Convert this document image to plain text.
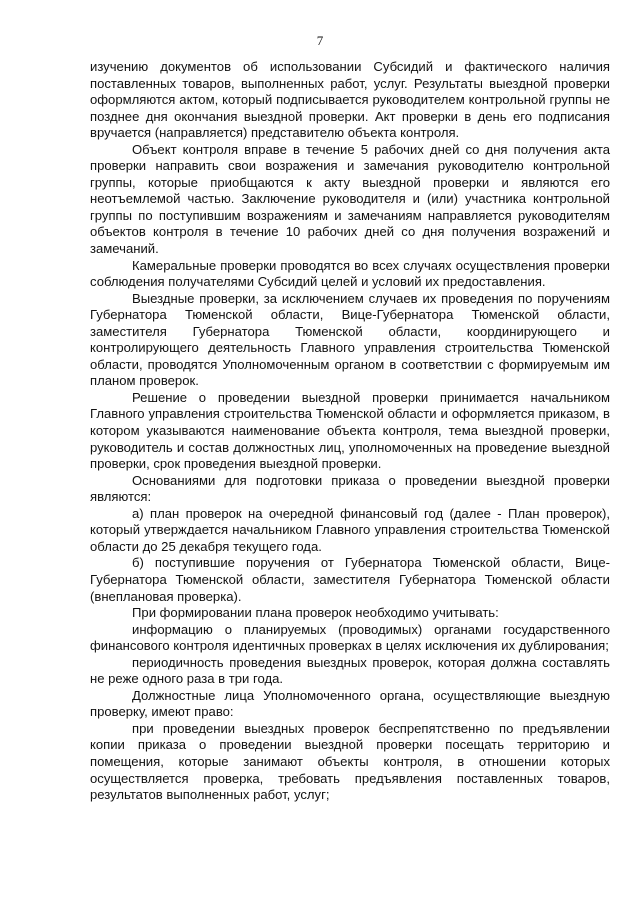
7

изучению документов об использовании Субсидий и фактического наличия поставленных товаров, выполненных работ, услуг. Результаты выездной проверки оформляются актом, который подписывается руководителем контрольной группы не позднее дня окончания выездной проверки. Акт проверки в день его подписания вручается (направляется) представителю объекта контроля.

Объект контроля вправе в течение 5 рабочих дней со дня получения акта проверки направить свои возражения и замечания руководителю контрольной группы, которые приобщаются к акту выездной проверки и являются его неотъемлемой частью. Заключение руководителя и (или) участника контрольной группы по поступившим возражениям и замечаниям направляется руководителям объектов контроля в течение 10 рабочих дней со дня получения возражений и замечаний.

Камеральные проверки проводятся во всех случаях осуществления проверки соблюдения получателями Субсидий целей и условий их предоставления.

Выездные проверки, за исключением случаев их проведения по поручениям Губернатора Тюменской области, Вице-Губернатора Тюменской области, заместителя Губернатора Тюменской области, координирующего и контролирующего деятельность Главного управления строительства Тюменской области, проводятся Уполномоченным органом в соответствии с формируемым им планом проверок.

Решение о проведении выездной проверки принимается начальником Главного управления строительства Тюменской области и оформляется приказом, в котором указываются наименование объекта контроля, тема выездной проверки, руководитель и состав должностных лиц, уполномоченных на проведение выездной проверки, срок проведения выездной проверки.

Основаниями для подготовки приказа о проведении выездной проверки являются:

а) план проверок на очередной финансовый год (далее - План проверок), который утверждается начальником Главного управления строительства Тюменской области до 25 декабря текущего года.

б) поступившие поручения от Губернатора Тюменской области, Вице-Губернатора Тюменской области, заместителя Губернатора Тюменской области (внеплановая проверка).

При формировании плана проверок необходимо учитывать:

информацию о планируемых (проводимых) органами государственного финансового контроля идентичных проверках в целях исключения их дублирования;

периодичность проведения выездных проверок, которая должна составлять не реже одного раза в три года.

Должностные лица Уполномоченного органа, осуществляющие выездную проверку, имеют право:

при проведении выездных проверок беспрепятственно по предъявлении копии приказа о проведении выездной проверки посещать территорию и помещения, которые занимают объекты контроля, в отношении которых осуществляется проверка, требовать предъявления поставленных товаров, результатов выполненных работ, услуг;
